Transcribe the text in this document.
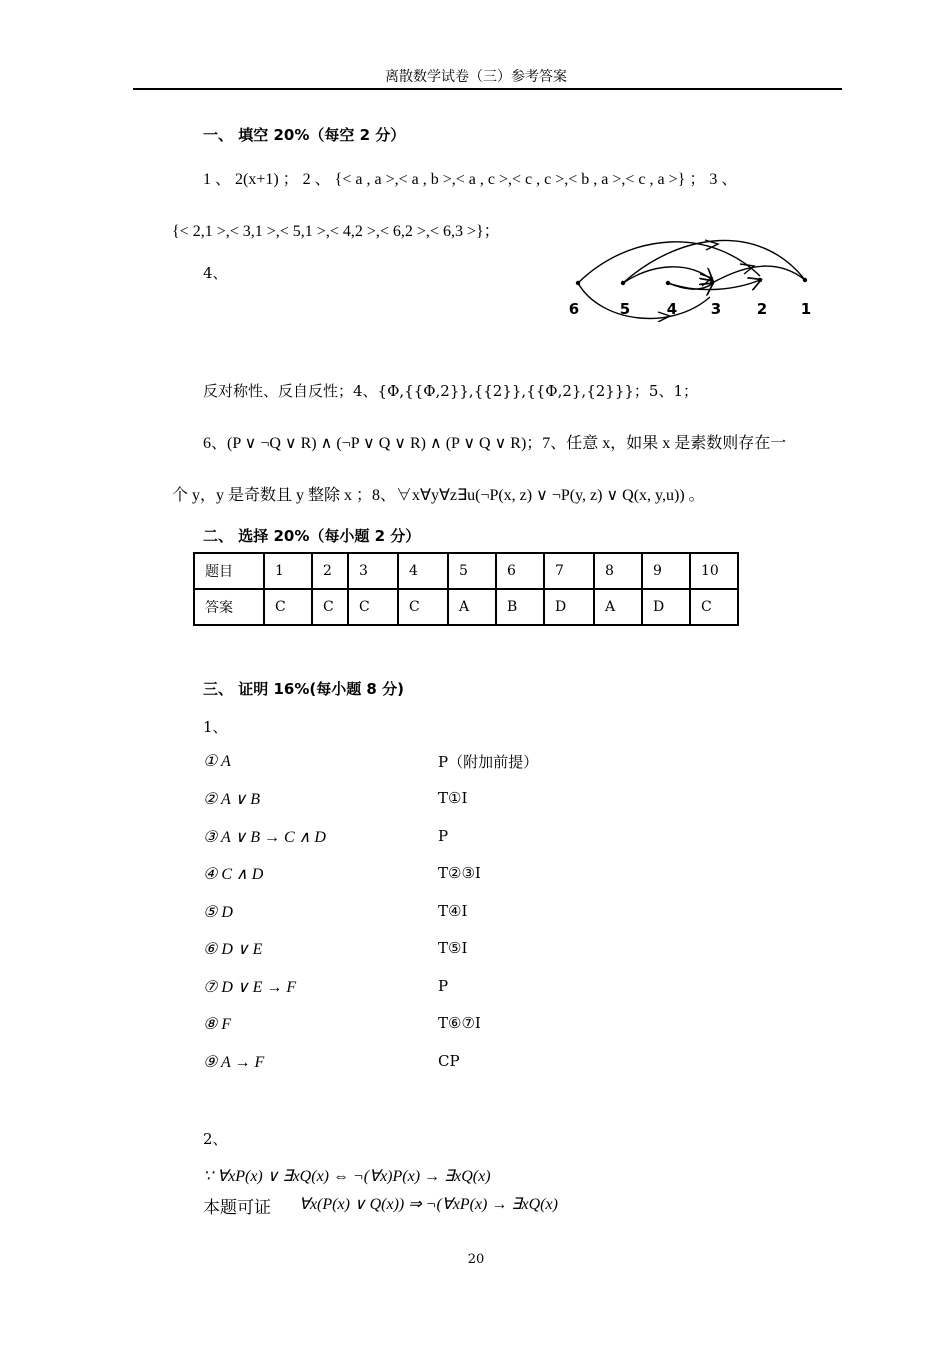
离散数学试卷（三）参考答案
一、 填空 20%（每空 2 分）
1 、 2(x+1) ； 2 、 {< a , a >,< a , b >,< a , c >,< c , c >,< b , a >,< c , a >} ； 3 、
{< 2,1 >,< 3,1 >,< 5,1 >,< 4,2 >,< 6,2 >,< 6,3 >}；
4、
6	5 4 3 2 1
反对称性、反自反性；4、{Φ,{{Φ,2}},{{2}},{{Φ,2},{2}}}；5、1；
6、(P ∨ ¬Q ∨ R) ∧ (¬P ∨ Q ∨ R) ∧ (P ∨ Q ∨ R)；7、任意 x，如果 x 是素数则存在一
个 y，y 是奇数且 y 整除 x ；8、∀x∀y∀z∃u(¬P(x, z) ∨ ¬P(y, z) ∨ Q(x, y,u)) 。
二、 选择 20%（每小题 2 分）
题目	1	2	3	4	5	6	7	8	9	10
答案	C	C	C	C	A	B	D	A	D	C
三、 证明 16%(每小题 8 分)
1、
① A	P（附加前提）
② A ∨ B	T①I
③ A ∨ B → C ∧ D	P
④ C ∧ D	T②③I
⑤ D	T④I
⑥ D ∨ E	T⑤I
⑦ D ∨ E → F	P
⑧ F	T⑥⑦I
⑨ A → F	CP
2、
∵ ∀xP(x) ∨ ∃xQ(x) ⇔ ¬(∀x)P(x) → ∃xQ(x)
本题可证 ∀x(P(x) ∨ Q(x)) ⇒ ¬(∀xP(x) → ∃xQ(x)
20
